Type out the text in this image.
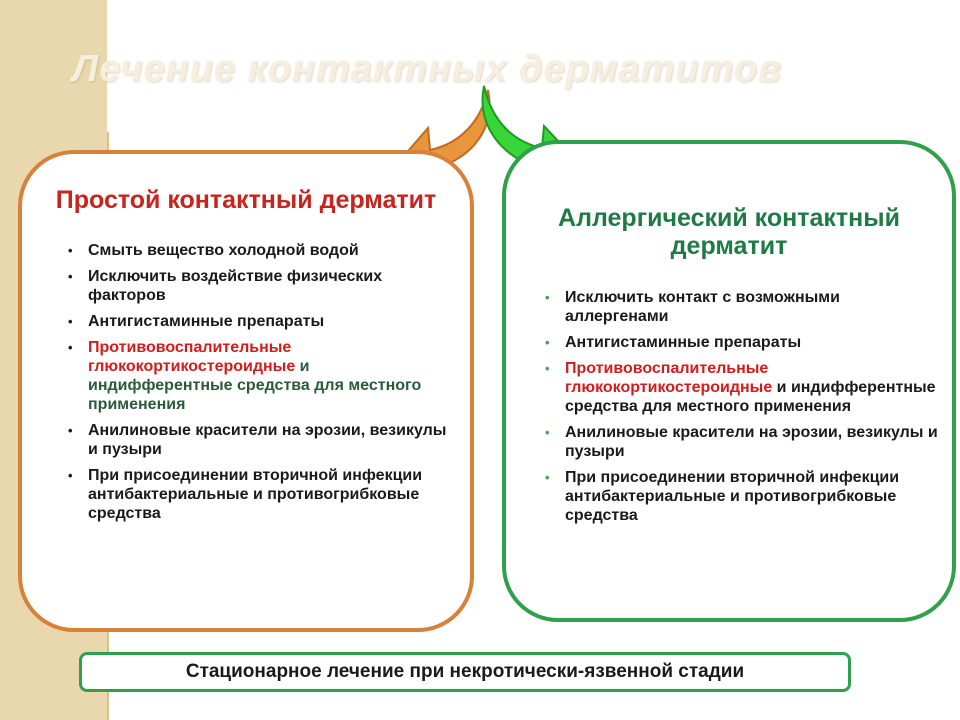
Лечение контактных дерматитов
Простой контактный дерматит
• Смыть вещество холодной водой
• Исключить воздействие физических факторов
• Антигистаминные препараты
• Противовоспалительные глюкокортикостероидные и индифферентные средства для местного применения
• Анилиновые красители на эрозии, везикулы и пузыри
• При присоединении вторичной инфекции антибактериальные и противогрибковые средства
Аллергический контактный дерматит
• Исключить контакт с возможными аллергенами
• Антигистаминные препараты
• Противовоспалительные глюкокортикостероидные и индифферентные средства для местного применения
• Анилиновые красители на эрозии, везикулы и пузыри
• При присоединении вторичной инфекции антибактериальные и противогрибковые средства
Стационарное лечение при некротически-язвенной стадии
